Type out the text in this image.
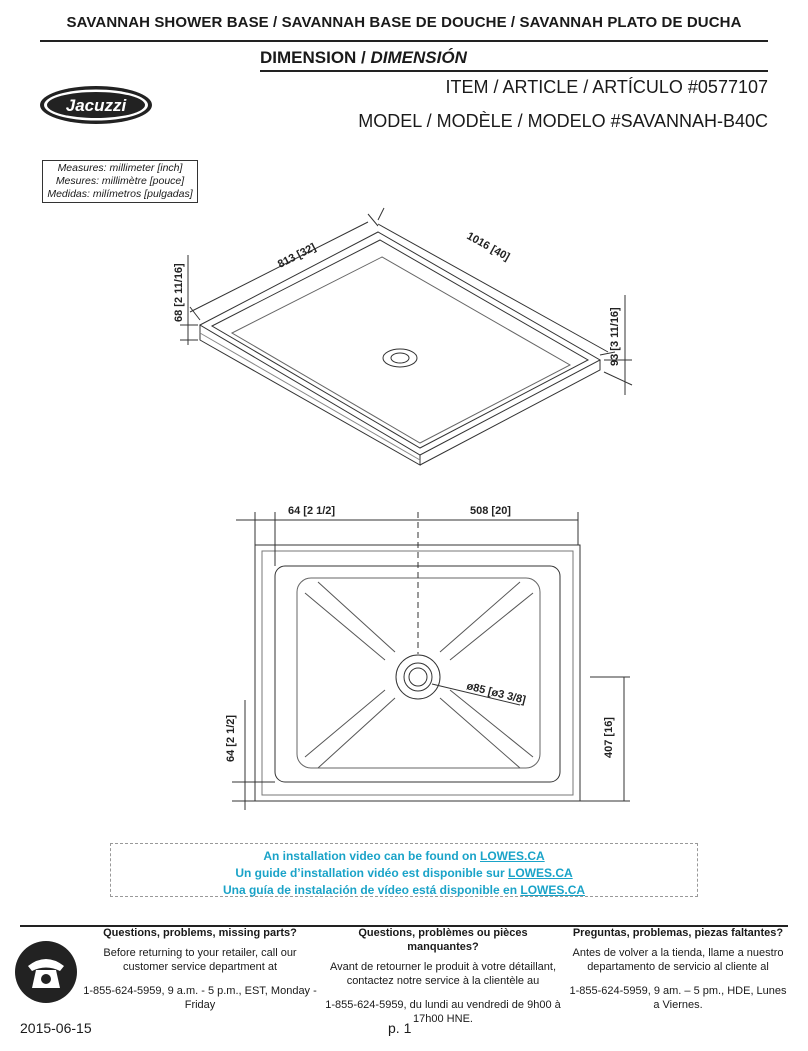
SAVANNAH SHOWER BASE / SAVANNAH BASE DE DOUCHE / SAVANNAH PLATO DE DUCHA
DIMENSION / DIMENSIÓN
ITEM / ARTICLE / ARTÍCULO #0577107
MODEL / MODÈLE / MODELO #SAVANNAH-B40C
Jacuzzi
Measures: millimeter [inch]
Mesures: millimètre [pouce]
Medidas: milímetros [pulgadas]
813 [32]	1016 [40]
68 [2 11/16]
93 [3 11/16]
64 [2 1/2]	508 [20]
ø85 [ø3 3/8]
407 [16]
64 [2 1/2]
An installation video can be found on LOWES.CA
Un guide d’installation vidéo est disponible sur LOWES.CA
Una guía de instalación de vídeo está disponible en LOWES.CA
Questions, problems, missing parts?
Before returning to your retailer, call our customer service department at
1-855-624-5959, 9 a.m. - 5 p.m., EST, Monday - Friday
Questions, problèmes ou pièces manquantes?
Avant de retourner le produit à votre détaillant, contactez notre service à la clientèle au
1-855-624-5959, du lundi au vendredi de 9h00 à 17h00 HNE.
Preguntas, problemas, piezas faltantes?
Antes de volver a la tienda, llame a nuestro departamento de servicio al cliente al
1-855-624-5959, 9 am. – 5 pm., HDE, Lunes a Viernes.
2015-06-15	p. 1
